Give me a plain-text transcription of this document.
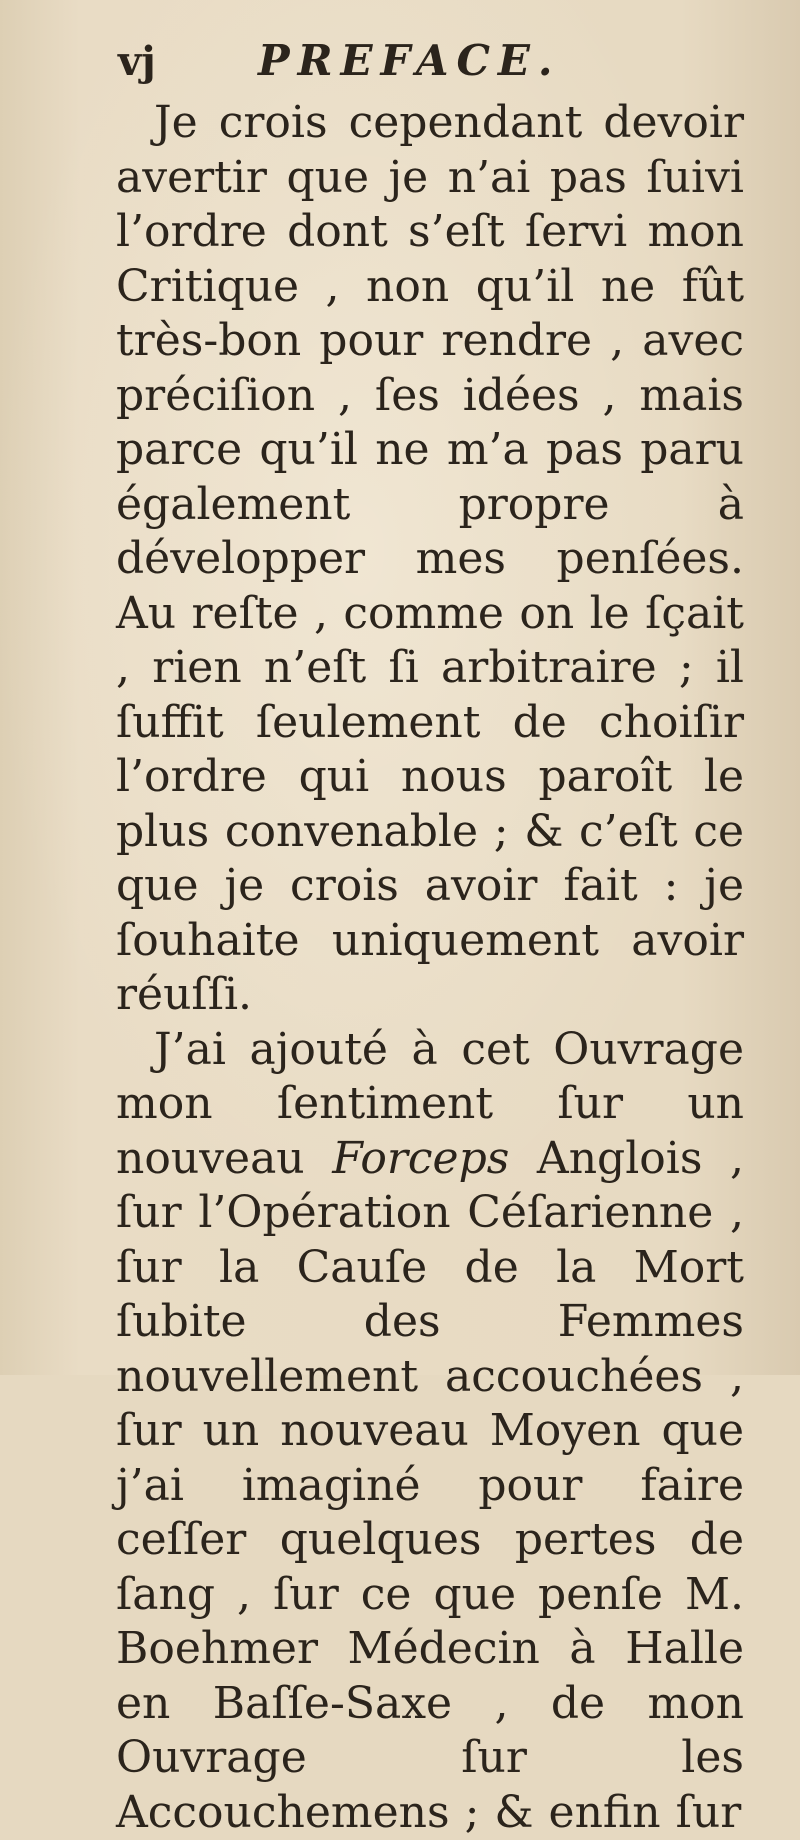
vj PREFACE.

Je crois cependant devoir avertir que je n’ai pas ſuivi l’ordre dont s’eſt ſervi mon Critique , non qu’il ne fût très-bon pour rendre , avec préciſion , ſes idées , mais parce qu’il ne m’a pas paru également propre à développer mes penſées. Au reſte , comme on le ſçait , rien n’eſt ſi arbitraire ; il ſuffit ſeulement de choiſir l’ordre qui nous paroît le plus convenable ; & c’eſt ce que je crois avoir fait : je ſouhaite uniquement avoir réuſſi.

J’ai ajouté à cet Ouvrage mon ſentiment ſur un nouveau Forceps Anglois , ſur l’Opération Céſarienne , ſur la Cauſe de la Mort ſubite des Femmes nouvellement accouchées , ſur un nouveau Moyen que j’ai imaginé pour faire ceſſer quelques pertes de ſang , ſur ce que penſe M. Boehmer Médecin à Halle en Baſſe-Saxe , de mon Ouvrage ſur les Accouchemens ; & enfin ſur
